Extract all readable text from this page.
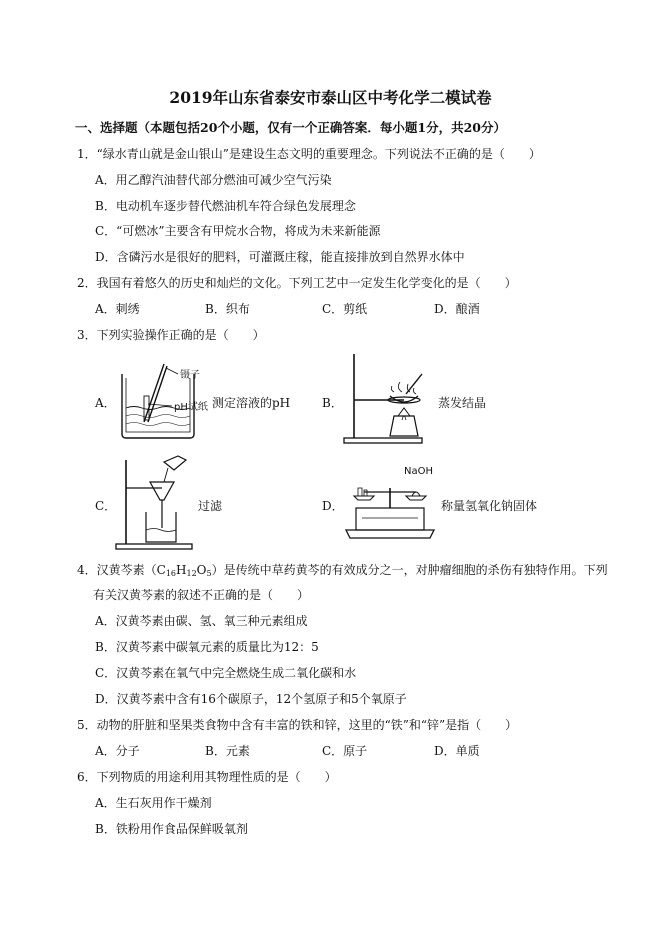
2019年山东省泰安市泰山区中考化学二模试卷
一、选择题（本题包括20个小题，仅有一个正确答案．每小题1分，共20分）
1．“绿水青山就是金山银山”是建设生态文明的重要理念。下列说法不正确的是（　　）
A．用乙醇汽油替代部分燃油可减少空气污染
B．电动机车逐步替代燃油机车符合绿色发展理念
C．“可燃冰”主要含有甲烷水合物，将成为未来新能源
D．含磷污水是很好的肥料，可灌溉庄稼，能直接排放到自然界水体中
2．我国有着悠久的历史和灿烂的文化。下列工艺中一定发生化学变化的是（　　）
A．刺绣	B．织布	C．剪纸	D．酿酒
3．下列实验操作正确的是（　　）
A．
镊子
pH试纸 测定溶液的pH	B．	蒸发结晶
C．	过滤	D．
NaOH
称量氢氧化钠固体
4．汉黄芩素$(C_{16}H_{12}O_5)$是传统中草药黄芩的有效成分之一，对肿瘤细胞的杀伤有独特作用。下列
有关汉黄芩素的叙述不正确的是（　　）
A．汉黄芩素由碳、氢、氧三种元素组成
B．汉黄芩素中碳氧元素的质量比为12：5
C．汉黄芩素在氧气中完全燃烧生成二氧化碳和水
D．汉黄芩素中含有16个碳原子，12个氢原子和5个氧原子
5．动物的肝脏和坚果类食物中含有丰富的铁和锌，这里的“铁”和“锌”是指（　　）
A．分子	B．元素	C．原子	D．单质
6．下列物质的用途利用其物理性质的是（　　）
A．生石灰用作干燥剂
B．铁粉用作食品保鲜吸氧剂
